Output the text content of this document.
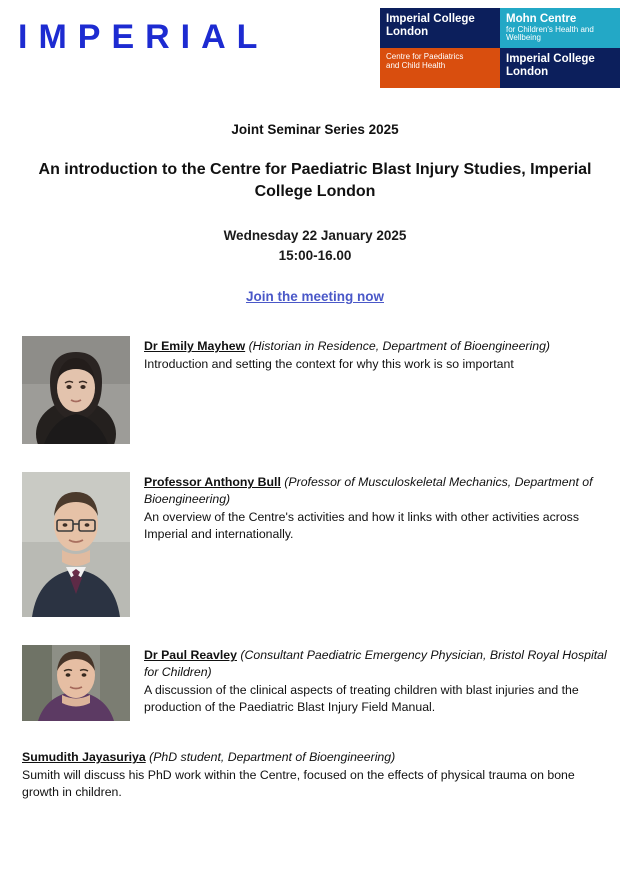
IMPERIAL	Imperial College
London
Mohn Centre
for Children's Health and Wellbeing
Centre for Paediatrics
and Child Health
Imperial College
London
Joint Seminar Series 2025
An introduction to the Centre for Paediatric Blast Injury Studies, Imperial College London
Wednesday 22 January 2025
15:00-16.00
Join the meeting now
Dr Emily Mayhew (Historian in Residence, Department of Bioengineering)
Introduction and setting the context for why this work is so important
Professor Anthony Bull (Professor of Musculoskeletal Mechanics, Department of Bioengineering)
An overview of the Centre's activities and how it links with other activities across Imperial and internationally.
Dr Paul Reavley (Consultant Paediatric Emergency Physician, Bristol Royal Hospital for Children)
A discussion of the clinical aspects of treating children with blast injuries and the production of the Paediatric Blast Injury Field Manual.
Sumudith Jayasuriya (PhD student, Department of Bioengineering)
Sumith will discuss his PhD work within the Centre, focused on the effects of physical trauma on bone growth in children.
